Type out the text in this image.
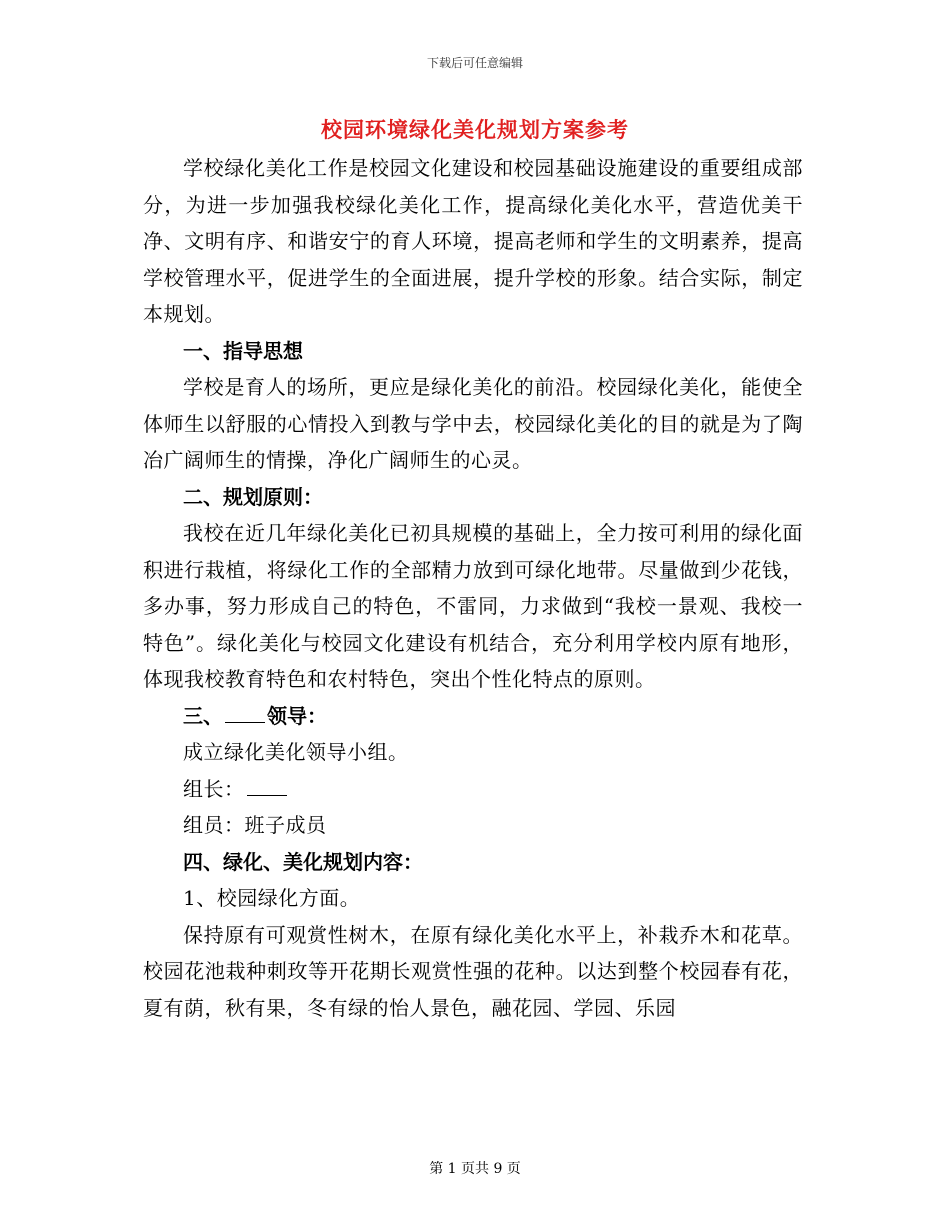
下载后可任意编辑
校园环境绿化美化规划方案参考

学校绿化美化工作是校园文化建设和校园基础设施建设的重要组成部分，为进一步加强我校绿化美化工作，提高绿化美化水平，营造优美干净、文明有序、和谐安宁的育人环境，提高老师和学生的文明素养，提高学校管理水平，促进学生的全面进展，提升学校的形象。结合实际，制定本规划。

一、指导思想

学校是育人的场所，更应是绿化美化的前沿。校园绿化美化，能使全体师生以舒服的心情投入到教与学中去，校园绿化美化的目的就是为了陶冶广阔师生的情操，净化广阔师生的心灵。

二、规划原则：

我校在近几年绿化美化已初具规模的基础上，全力按可利用的绿化面积进行栽植，将绿化工作的全部精力放到可绿化地带。尽量做到少花钱，多办事，努力形成自己的特色，不雷同，力求做到“我校一景观、我校一特色”。绿化美化与校园文化建设有机结合，充分利用学校内原有地形，体现我校教育特色和农村特色，突出个性化特点的原则。

三、 领导：

成立绿化美化领导小组。

组长：

组员：班子成员

四、绿化、美化规划内容：

1、校园绿化方面。

保持原有可观赏性树木，在原有绿化美化水平上，补栽乔木和花草。校园花池栽种刺玫等开花期长观赏性强的花种。以达到整个校园春有花，夏有荫，秋有果，冬有绿的怡人景色，融花园、学园、乐园

第 1 页共 9 页
